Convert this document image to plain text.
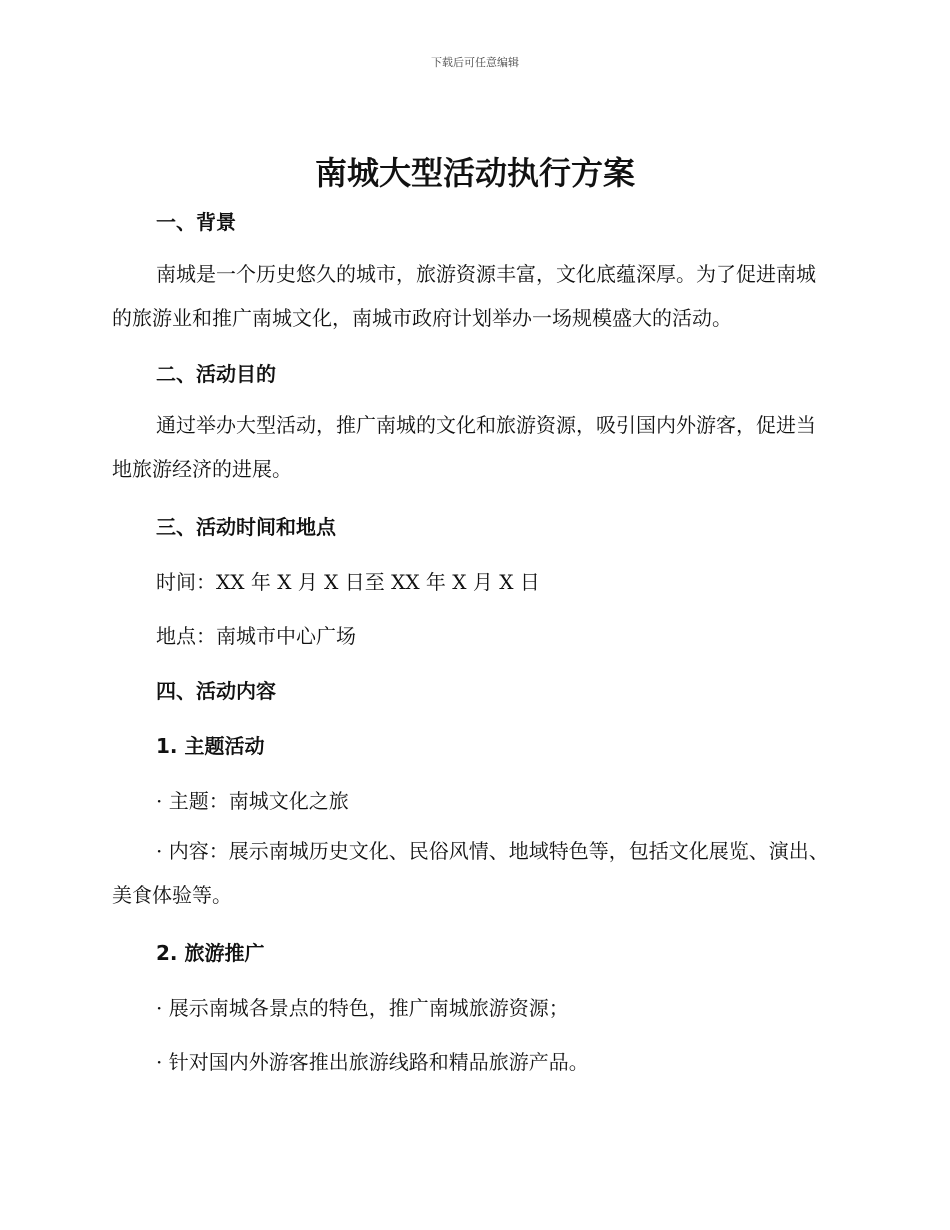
下载后可任意编辑
南城大型活动执行方案
一、背景
南城是一个历史悠久的城市，旅游资源丰富，文化底蕴深厚。为了促进南城的旅游业和推广南城文化，南城市政府计划举办一场规模盛大的活动。
二、活动目的
通过举办大型活动，推广南城的文化和旅游资源，吸引国内外游客，促进当地旅游经济的进展。
三、活动时间和地点
时间：XX 年 X 月 X 日至 XX 年 X 月 X 日
地点：南城市中心广场
四、活动内容
1. 主题活动
· 主题：南城文化之旅
· 内容：展示南城历史文化、民俗风情、地域特色等，包括文化展览、演出、美食体验等。
2. 旅游推广
· 展示南城各景点的特色，推广南城旅游资源；
· 针对国内外游客推出旅游线路和精品旅游产品。
